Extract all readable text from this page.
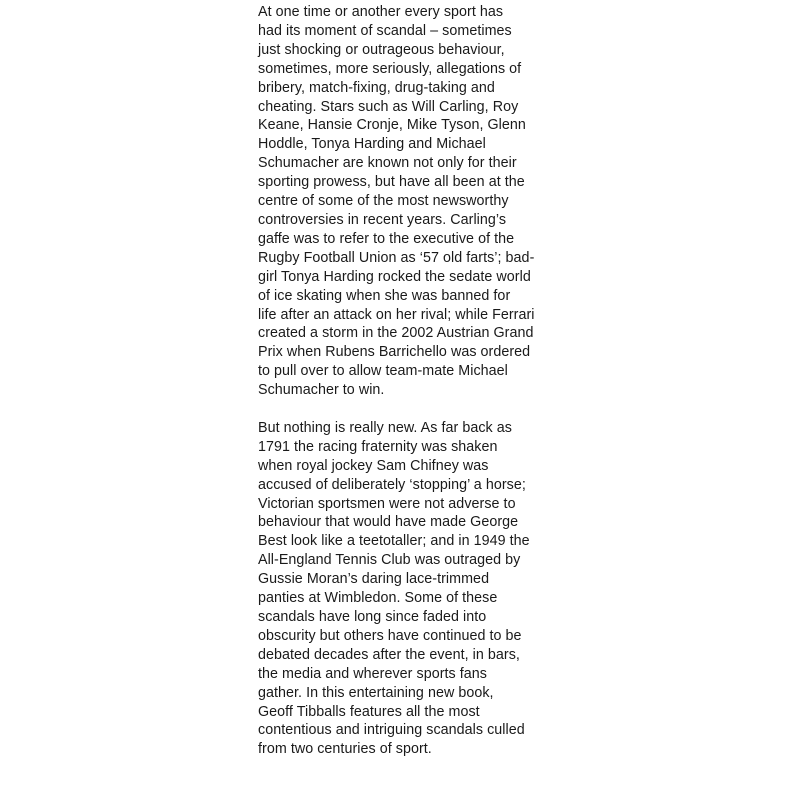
At one time or another every sport has
had its moment of scandal – sometimes
just shocking or outrageous behaviour,
sometimes, more seriously, allegations of
bribery, match-fixing, drug-taking and
cheating. Stars such as Will Carling, Roy
Keane, Hansie Cronje, Mike Tyson, Glenn
Hoddle, Tonya Harding and Michael
Schumacher are known not only for their
sporting prowess, but have all been at the
centre of some of the most newsworthy
controversies in recent years. Carling’s
gaffe was to refer to the executive of the
Rugby Football Union as ‘57 old farts’; bad-
girl Tonya Harding rocked the sedate world
of ice skating when she was banned for
life after an attack on her rival; while Ferrari
created a storm in the 2002 Austrian Grand
Prix when Rubens Barrichello was ordered
to pull over to allow team-mate Michael
Schumacher to win.

But nothing is really new. As far back as
1791 the racing fraternity was shaken
when royal jockey Sam Chifney was
accused of deliberately ‘stopping’ a horse;
Victorian sportsmen were not adverse to
behaviour that would have made George
Best look like a teetotaller; and in 1949 the
All-England Tennis Club was outraged by
Gussie Moran’s daring lace-trimmed
panties at Wimbledon. Some of these
scandals have long since faded into
obscurity but others have continued to be
debated decades after the event, in bars,
the media and wherever sports fans
gather. In this entertaining new book,
Geoff Tibballs features all the most
contentious and intriguing scandals culled
from two centuries of sport.
